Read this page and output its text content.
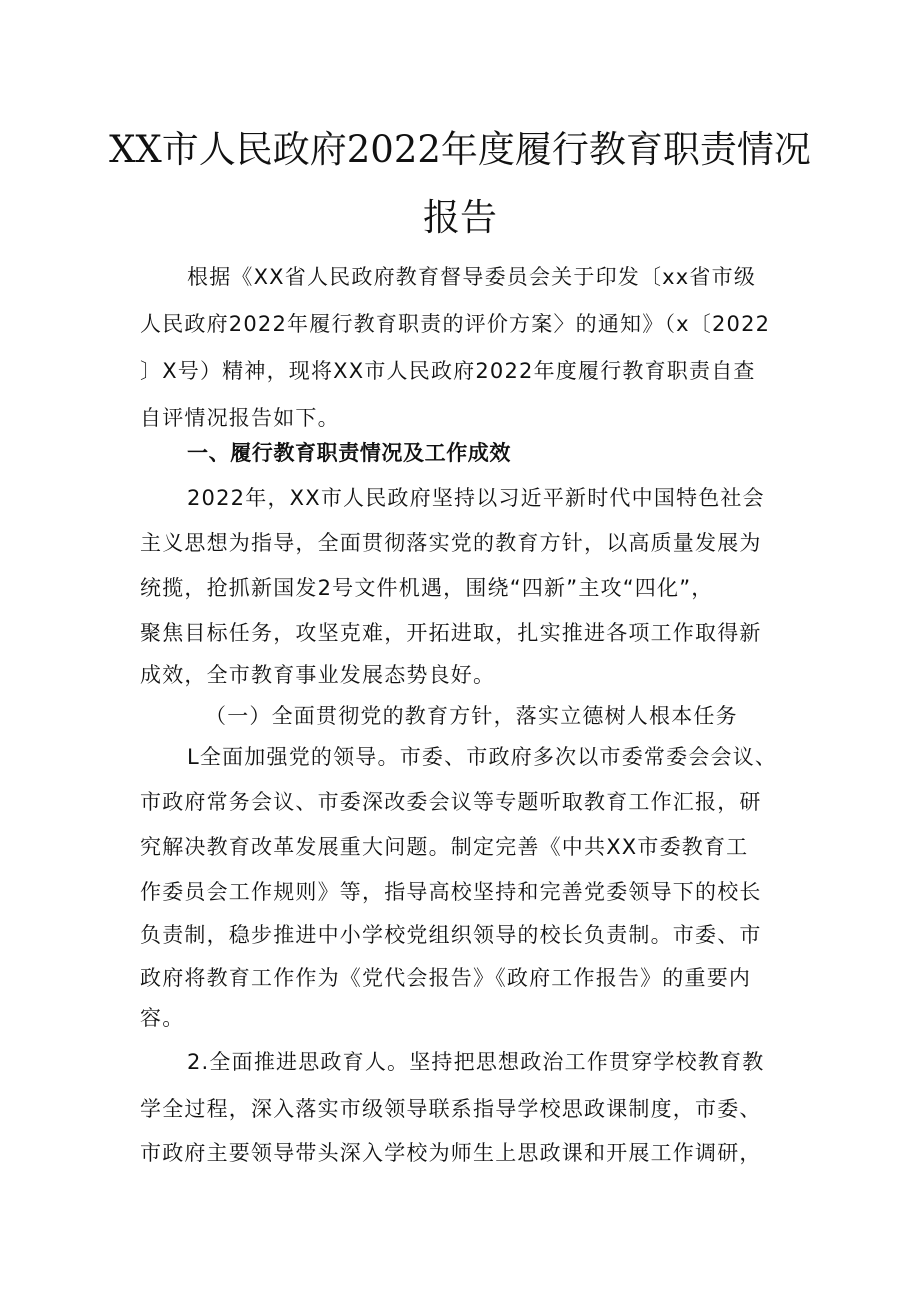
XX市人民政府2022年度履行教育职责情况
报告
根据《XX省人民政府教育督导委员会关于印发〔xx省市级
人民政府2022年履行教育职责的评价方案〉的通知》（x〔2022
〕X号）精神，现将XX市人民政府2022年度履行教育职责自查
自评情况报告如下。
一、履行教育职责情况及工作成效
2022年，XX市人民政府坚持以习近平新时代中国特色社会
主义思想为指导，全面贯彻落实党的教育方针，以高质量发展为
统揽，抢抓新国发2号文件机遇，围绕“四新”主攻“四化”，
聚焦目标任务，攻坚克难，开拓进取，扎实推进各项工作取得新
成效，全市教育事业发展态势良好。
（一）全面贯彻党的教育方针，落实立德树人根本任务
L全面加强党的领导。市委、市政府多次以市委常委会会议、
市政府常务会议、市委深改委会议等专题听取教育工作汇报，研
究解决教育改革发展重大问题。制定完善《中共XX市委教育工
作委员会工作规则》等，指导高校坚持和完善党委领导下的校长
负责制，稳步推进中小学校党组织领导的校长负责制。市委、市
政府将教育工作作为《党代会报告》《政府工作报告》的重要内
容。
2.全面推进思政育人。坚持把思想政治工作贯穿学校教育教
学全过程，深入落实市级领导联系指导学校思政课制度，市委、
市政府主要领导带头深入学校为师生上思政课和开展工作调研，
